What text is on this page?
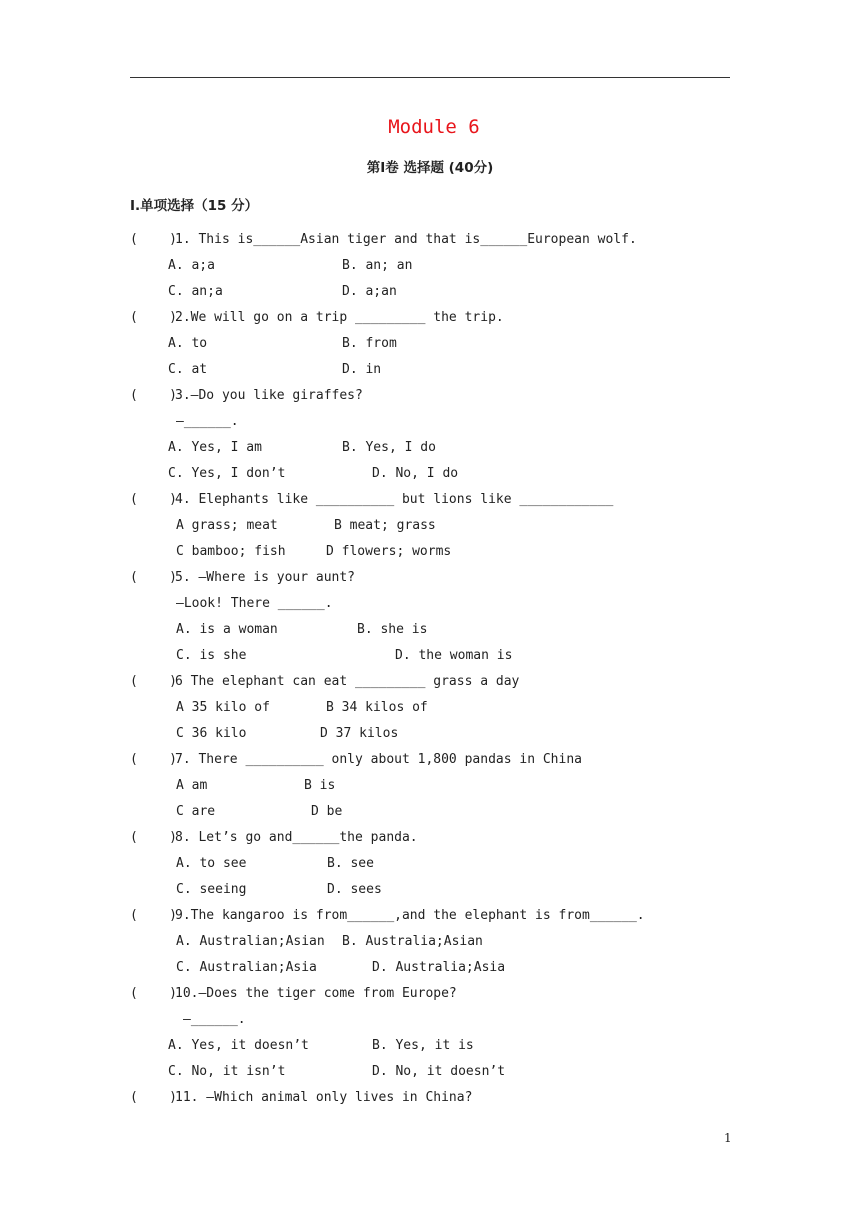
Module 6
第Ⅰ卷 选择题 (40分)
I.单项选择（15 分）
(    )
1. This is______Asian tiger and that is______European wolf.
A. a;a	B. an; an
C. an;a	D. a;an
(    )
2.We will go on a trip _________ the trip.
A. to	B. from
C. at	D. in
(    )
3.—Do you like giraffes?
—______.
A. Yes, I am	B. Yes, I do
C. Yes, I don’t	D. No, I do
(    )
4. Elephants like __________ but lions like ____________
A grass; meat	B meat; grass
C bamboo; fish	D flowers; worms
(    )
5. —Where is your aunt?
—Look! There ______.
A. is a woman	B. she is
C. is she	D. the woman is
(    )
6 The elephant can eat _________ grass a day
A 35 kilo of	B 34 kilos of
C 36 kilo	D 37 kilos
(    )
7. There __________ only about 1,800 pandas in China
A am	B is
C are	D be
(    )
8. Let’s go and______the panda.
A. to see	B. see
C. seeing	D. sees
(    )
9.The kangaroo is from______,and the elephant is from______.
A. Australian;Asian B. Australia;Asian
C. Australian;Asia	D. Australia;Asia
(    )
10.—Does the tiger come from Europe?
—______.
A. Yes, it doesn’t	B. Yes, it is
C. No, it isn’t	D. No, it doesn’t
(    )
11. —Which animal only lives in China?
1
